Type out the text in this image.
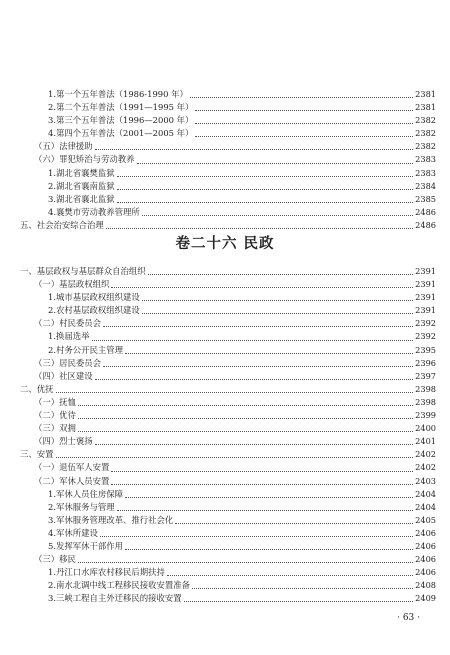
1.第一个五年普法（1986-1990 年）	2381
2.第二个五年普法（1991—1995 年）	2381
3.第三个五年普法（1996—2000 年）	2382
4.第四个五年普法（2001—2005 年）	2382
（五）法律援助	2382
（六）罪犯矫治与劳动教养	2383
1.湖北省襄樊监狱	2383
2.湖北省襄南监狱	2384
3.湖北省襄北监狱	2385
4.襄樊市劳动教养管理所	2486
五、社会治安综合治理	2486
卷二十六 民政
一、基层政权与基层群众自治组织	2391
（一）基层政权组织	2391
1.城市基层政权组织建设	2391
2.农村基层政权组织建设	2391
（二）村民委员会	2392
1.换届选举	2392
2.村务公开民主管理	2395
（三）居民委员会	2396
（四）社区建设	2397
二、优抚	2398
（一）抚恤	2398
（二）优待	2399
（三）双拥	2400
（四）烈士褒扬	2401
三、安置	2402
（一）退伍军人安置	2402
（二）军休人员安置	2403
1.军休人员住房保障	2404
2.军休服务与管理	2404
3.军休服务管理改革、推行社会化	2405
4.军休所建设	2406
5.发挥军休干部作用	2406
（三）移民	2406
1.丹江口水库农村移民后期扶持	2406
2.南水北调中线工程移民接收安置准备	2408
3.三峡工程自主外迁移民的接收安置	2409
· 63 ·
